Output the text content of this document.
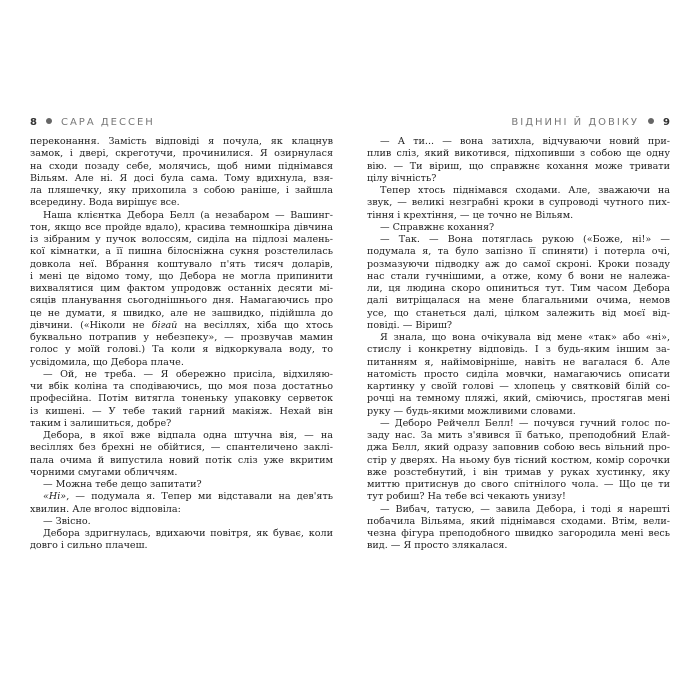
8 САРА ДЕССЕН	ВІДНИНІ Й ДОВІКУ 9
переконання. Замість відповіді я почула, як клацнув
замок, і двері, скреготучи, прочинилися. Я озирнулася
на сходи позаду себе, молячись, щоб ними піднімався
Вільям. Але ні. Я досі була сама. Тому вдихнула, взя-
ла пляшечку, яку прихопила з собою раніше, і зайшла
всередину. Вода вирішує все.
Наша клієнтка Дебора Белл (а незабаром — Вашинг-
тон, якщо все пройде вдало), красива темношкіра дівчина
із зібраним у пучок волоссям, сиділа на підлозі малень-
кої кімнатки, а її пишна білосніжна сукня розстелилась
довкола неї. Вбрання коштувало п'ять тисяч доларів,
і мені це відомо тому, що Дебора не могла припинити
вихвалятися цим фактом упродовж останніх десяти мі-
сяців планування сьогоднішнього дня. Намагаючись про
це не думати, я швидко, але не зашвидко, підійшла до
дівчини. («Ніколи не бігай на весіллях, хіба що хтось
буквально потрапив у небезпеку», — прозвучав мамин
голос у моїй голові.) Та коли я відкоркувала воду, то
усвідомила, що Дебора плаче.
— Ой, не треба. — Я обережно присіла, відхиляю-
чи вбік коліна та сподіваючись, що моя поза достатньо
професійна. Потім витягла тоненьку упаковку серветок
із кишені. — У тебе такий гарний макіяж. Нехай він
таким і залишиться, добре?
Дебора, в якої вже відпала одна штучна вія, — на
весіллях без брехні не обійтися, — спантеличено заклі-
пала очима й випустила новий потік сліз уже вкритим
чорними смугами обличчям.
— Можна тебе дещо запитати?
«Ні», — подумала я. Тепер ми відставали на дев'ять
хвилин. Але вголос відповіла:
— Звісно.
Дебора здригнулась, вдихаючи повітря, як буває, коли
довго і сильно плачеш.
— А ти... — вона затихла, відчуваючи новий при-
плив сліз, який викотився, підхопивши з собою ще одну
вію. — Ти віриш, що справжнє кохання може тривати
цілу вічність?
Тепер хтось піднімався сходами. Але, зважаючи на
звук, — великі незграбні кроки в супроводі чутного пих-
тіння і крехтіння, — це точно не Вільям.
— Справжнє кохання?
— Так. — Вона потяглась рукою («Боже, ні!» —
подумала я, та було запізно її спиняти) і потерла очі,
розмазуючи підводку аж до самої скроні. Кроки позаду
нас стали гучнішими, а отже, кому б вони не належа-
ли, ця людина скоро опиниться тут. Тим часом Дебора
далі витріщалася на мене благальними очима, немов
усе, що станеться далі, цілком залежить від моєї від-
повіді. — Віриш?
Я знала, що вона очікувала від мене «так» або «ні»,
стислу і конкретну відповідь. І з будь-яким іншим за-
питанням я, найімовірніше, навіть не вагалася б. Але
натомість просто сиділа мовчки, намагаючись описати
картинку у своїй голові — хлопець у святковій білій со-
рочці на темному пляжі, який, сміючись, простягав мені
руку — будь-якими можливими словами.
— Деборо Рейчелл Белл! — почувся гучний голос по-
заду нас. За мить з'явився її батько, преподобний Елай-
джа Белл, який одразу заповнив собою весь вільний про-
стір у дверях. На ньому був тісний костюм, комір сорочки
вже розстебнутий, і він тримав у руках хустинку, яку
миттю притиснув до свого спітнілого чола. — Що це ти
тут робиш? На тебе всі чекають унизу!
— Вибач, татусю, — завила Дебора, і тоді я нарешті
побачила Вільяма, який піднімався сходами. Втім, вели-
чезна фігура преподобного швидко загородила мені весь
вид. — Я просто злякалася.
